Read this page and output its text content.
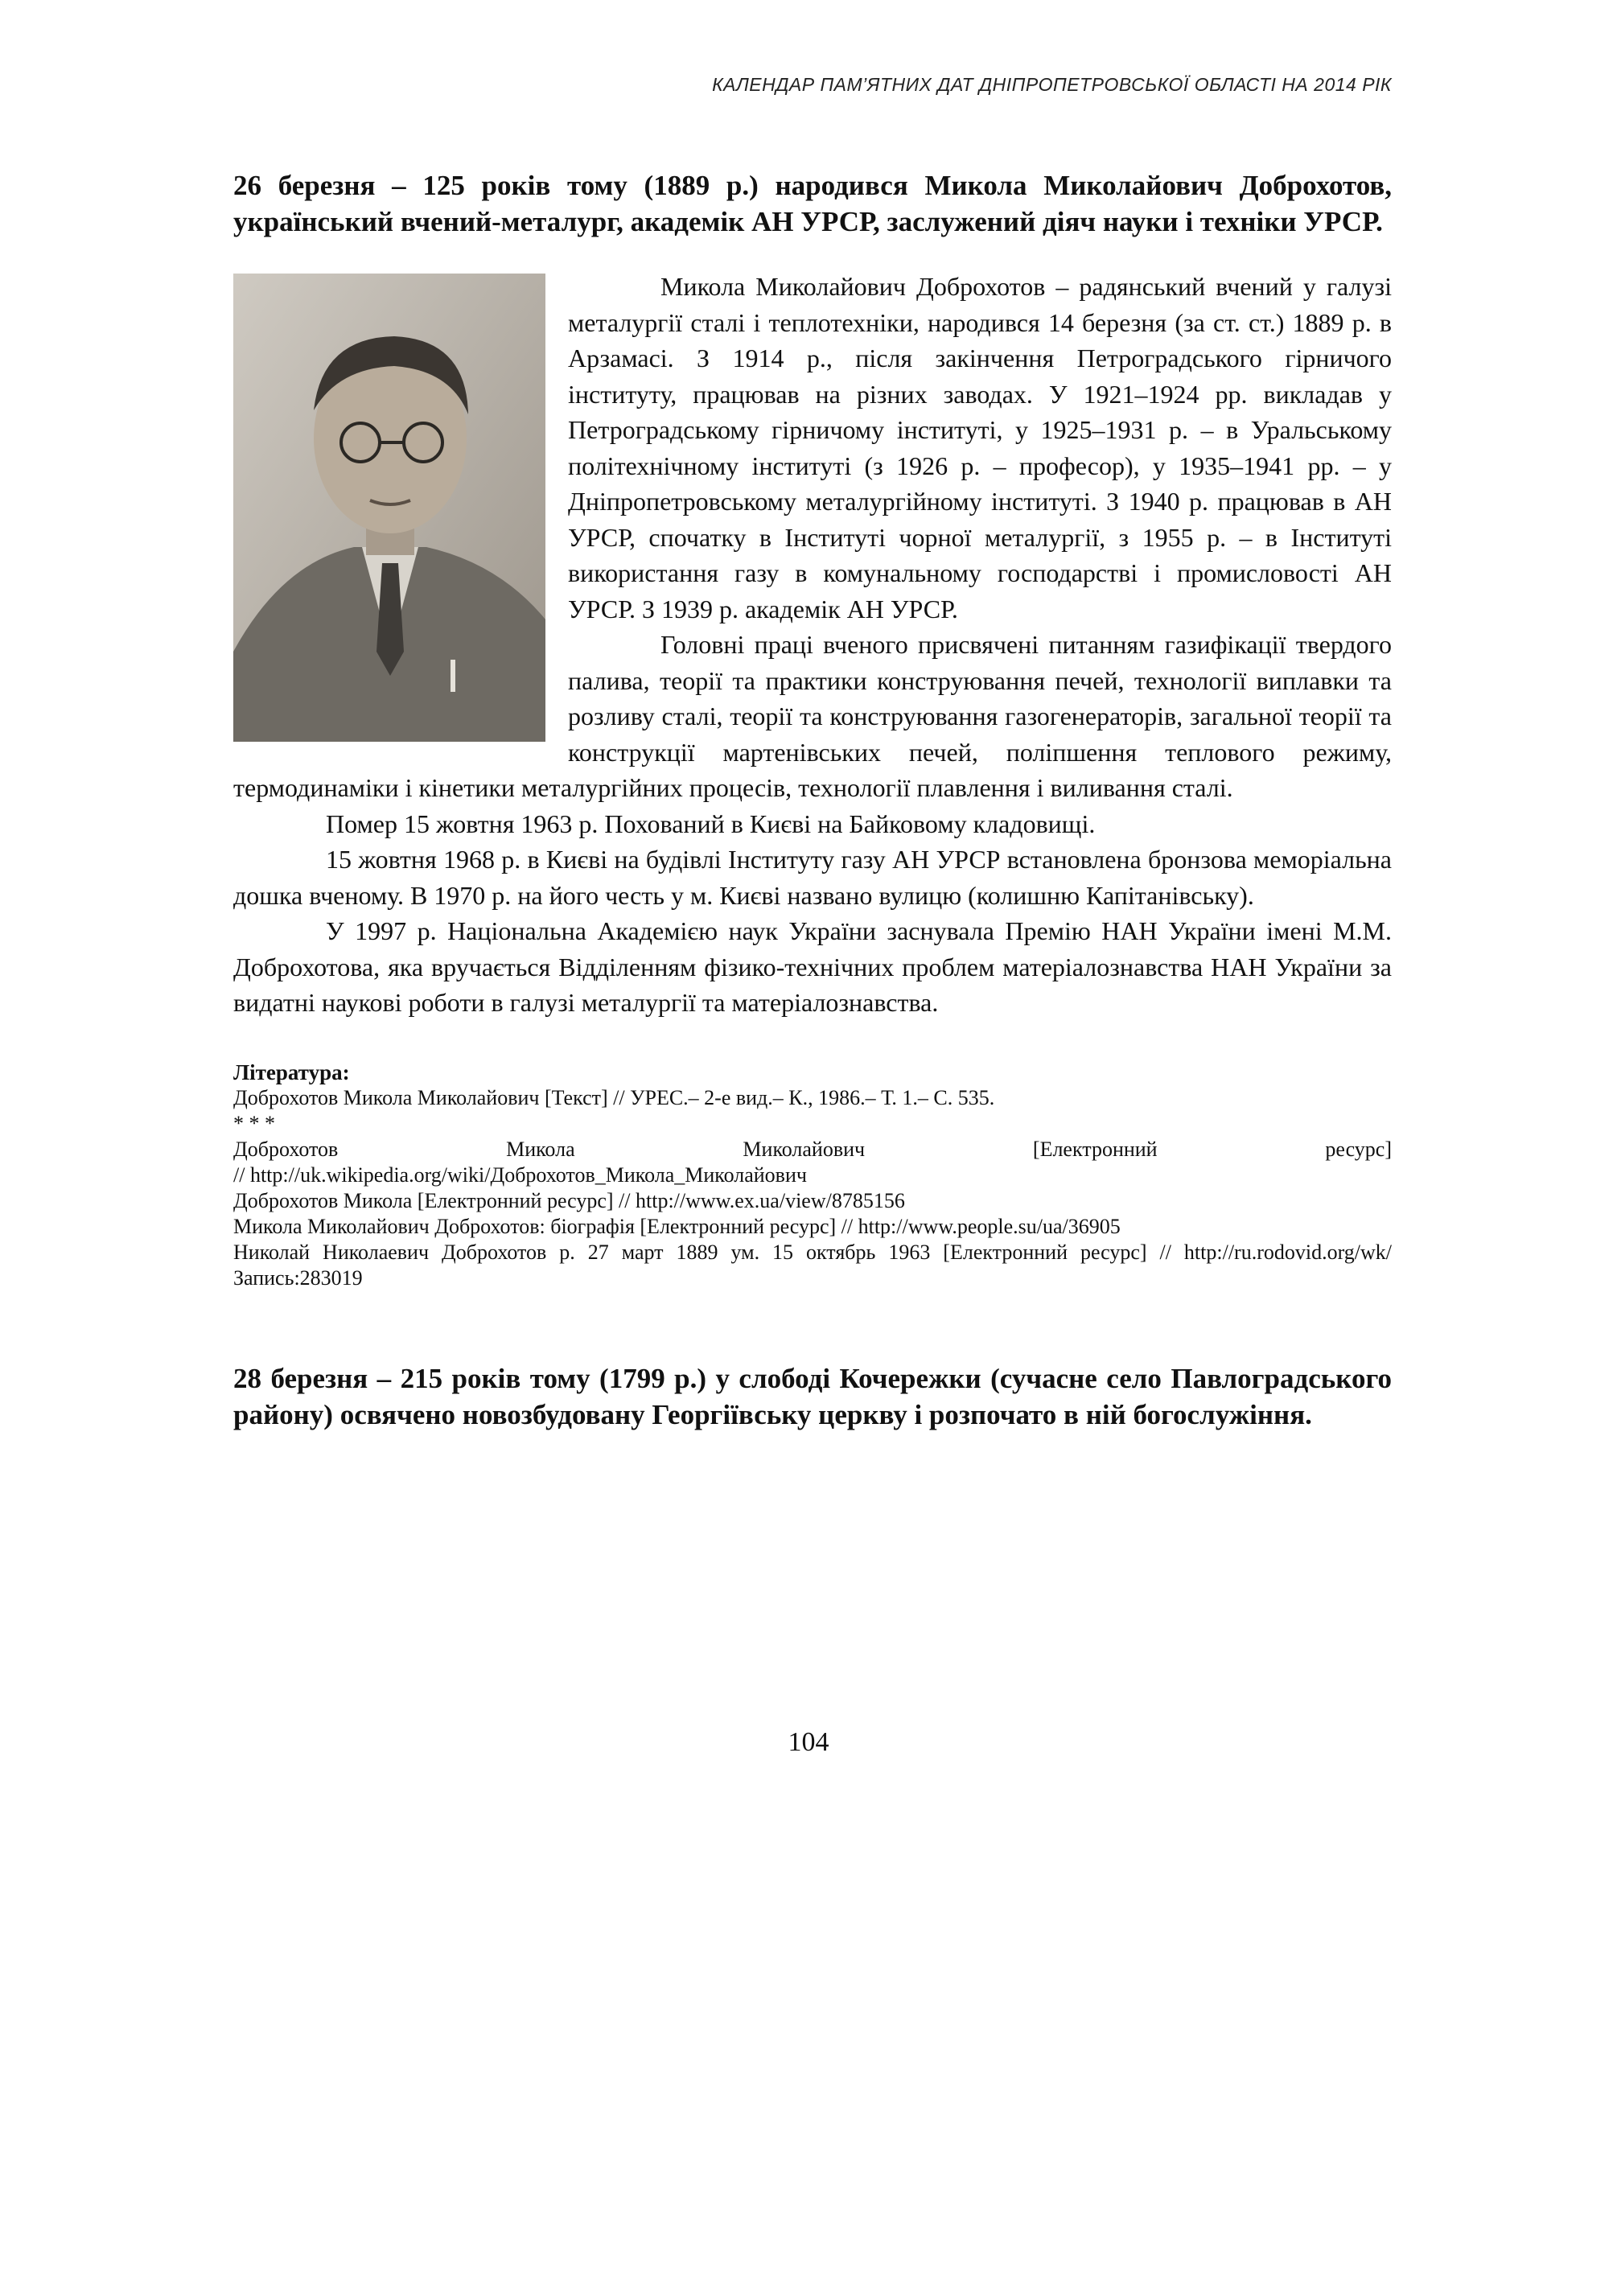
КАЛЕНДАР ПАМ’ЯТНИХ ДАТ ДНІПРОПЕТРОВСЬКОЇ ОБЛАСТІ НА 2014 РІК

26 березня – 125 років тому (1889 р.) народився Микола Миколайович Доброхотов, український вчений-металург, академік АН УРСР, заслужений діяч науки і техніки УРСР.

Микола Миколайович Доброхотов – радянський вчений у галузі металургії сталі і теплотехніки, народився 14 березня (за ст. ст.) 1889 р. в Арзамасі. З 1914 р., після закінчення Петроградського гірничого інституту, працював на різних заводах. У 1921–1924 рр. викладав у Петроградському гірничому інституті, у 1925–1931 р. – в Уральському політехнічному інституті (з 1926 р. – професор), у 1935–1941 рр. – у Дніпропетровському металургійному інституті. З 1940 р. працював в АН УРСР, спочатку в Інституті чорної металургії, з 1955 р. – в Інституті використання газу в комунальному господарстві і промисловості АН УРСР. З 1939 р. академік АН УРСР.

Головні праці вченого присвячені питанням газифікації твердого палива, теорії та практики конструювання печей, технології виплавки та розливу сталі, теорії та конструювання газогенераторів, загальної теорії та конструкції мартенівських печей, поліпшення теплового режиму, термодинаміки і кінетики металургійних процесів, технології плавлення і виливання сталі.

Помер 15 жовтня 1963 р. Похований в Києві на Байковому кладовищі.

15 жовтня 1968 р. в Києві на будівлі Інституту газу АН УРСР встановлена бронзова меморіальна дошка вченому. В 1970 р. на його честь у м. Києві названо вулицю (колишню Капітанівську).

У 1997 р. Національна Академією наук України заснувала Премію НАН України імені М.М. Доброхотова, яка вручається Відділенням фізико-технічних проблем матеріалознавства НАН України за видатні наукові роботи в галузі металургії та матеріалознавства.

Література:

Доброхотов Микола Миколайович [Текст] // УРЕС.– 2-е вид.– К., 1986.– Т. 1.– С. 535.

* * *

Доброхотов Микола Миколайович [Електронний ресурс]

// http://uk.wikipedia.org/wiki/Доброхотов_Микола_Миколайович

Доброхотов Микола [Електронний ресурс] // http://www.ex.ua/view/8785156

Микола Миколайович Доброхотов: біографія [Електронний ресурс] // http://www.people.su/ua/36905

Николай Николаевич Доброхотов р. 27 март 1889 ум. 15 октябрь 1963 [Електронний ресурс] // http://ru.rodovid.org/wk/Запись:283019

28 березня – 215 років тому (1799 р.) у слободі Кочережки (сучасне село Павлоградського району) освячено новозбудовану Георгіївську церкву і розпочато в ній богослужіння.

104
